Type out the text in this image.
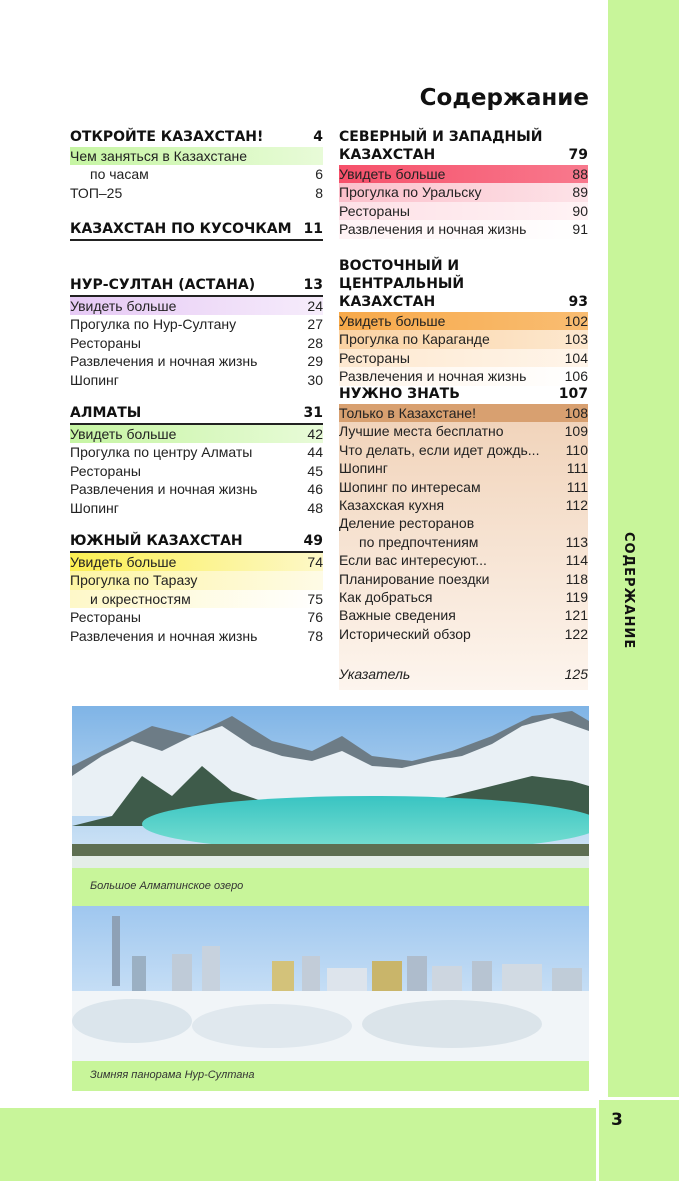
СОДЕРЖАНИЕ
3
Содержание
ОТКРОЙТЕ КАЗАХСТАН!	4
Чем заняться в Казахстане
по часам	6
ТОП–25	8
КАЗАХСТАН ПО КУСОЧКАМ 11
НУР-СУЛТАН (АСТАНА)	13
Увидеть больше	24
Прогулка по Нур-Султану	27
Рестораны	28
Развлечения и ночная жизнь	29
Шопинг	30
АЛМАТЫ	31
Увидеть больше	42
Прогулка по центру Алматы	44
Рестораны	45
Развлечения и ночная жизнь	46
Шопинг	48
ЮЖНЫЙ КАЗАХСТАН	49
Увидеть больше	74
Прогулка по Таразу
и окрестностям	75
Рестораны	76
Развлечения и ночная жизнь	78
СЕВЕРНЫЙ И ЗАПАДНЫЙ
КАЗАХСТАН	79
Увидеть больше	88
Прогулка по Уральску	89
Рестораны	90
Развлечения и ночная жизнь	91
ВОСТОЧНЫЙ И ЦЕНТРАЛЬНЫЙ
КАЗАХСТАН	93
Увидеть больше	102
Прогулка по Караганде	103
Рестораны	104
Развлечения и ночная жизнь	106
НУЖНО ЗНАТЬ	107
Только в Казахстане!	108
Лучшие места бесплатно	109
Что делать, если идет дождь... 110
Шопинг	111
Шопинг по интересам	111
Казахская кухня	112
Деление ресторанов
по предпочтениям	113
Если вас интересуют...	114
Планирование поездки	118
Как добраться	119
Важные сведения	121
Исторический обзор	122
Указатель	125
Большое Алматинское озеро
Зимняя панорама Нур-Султана
